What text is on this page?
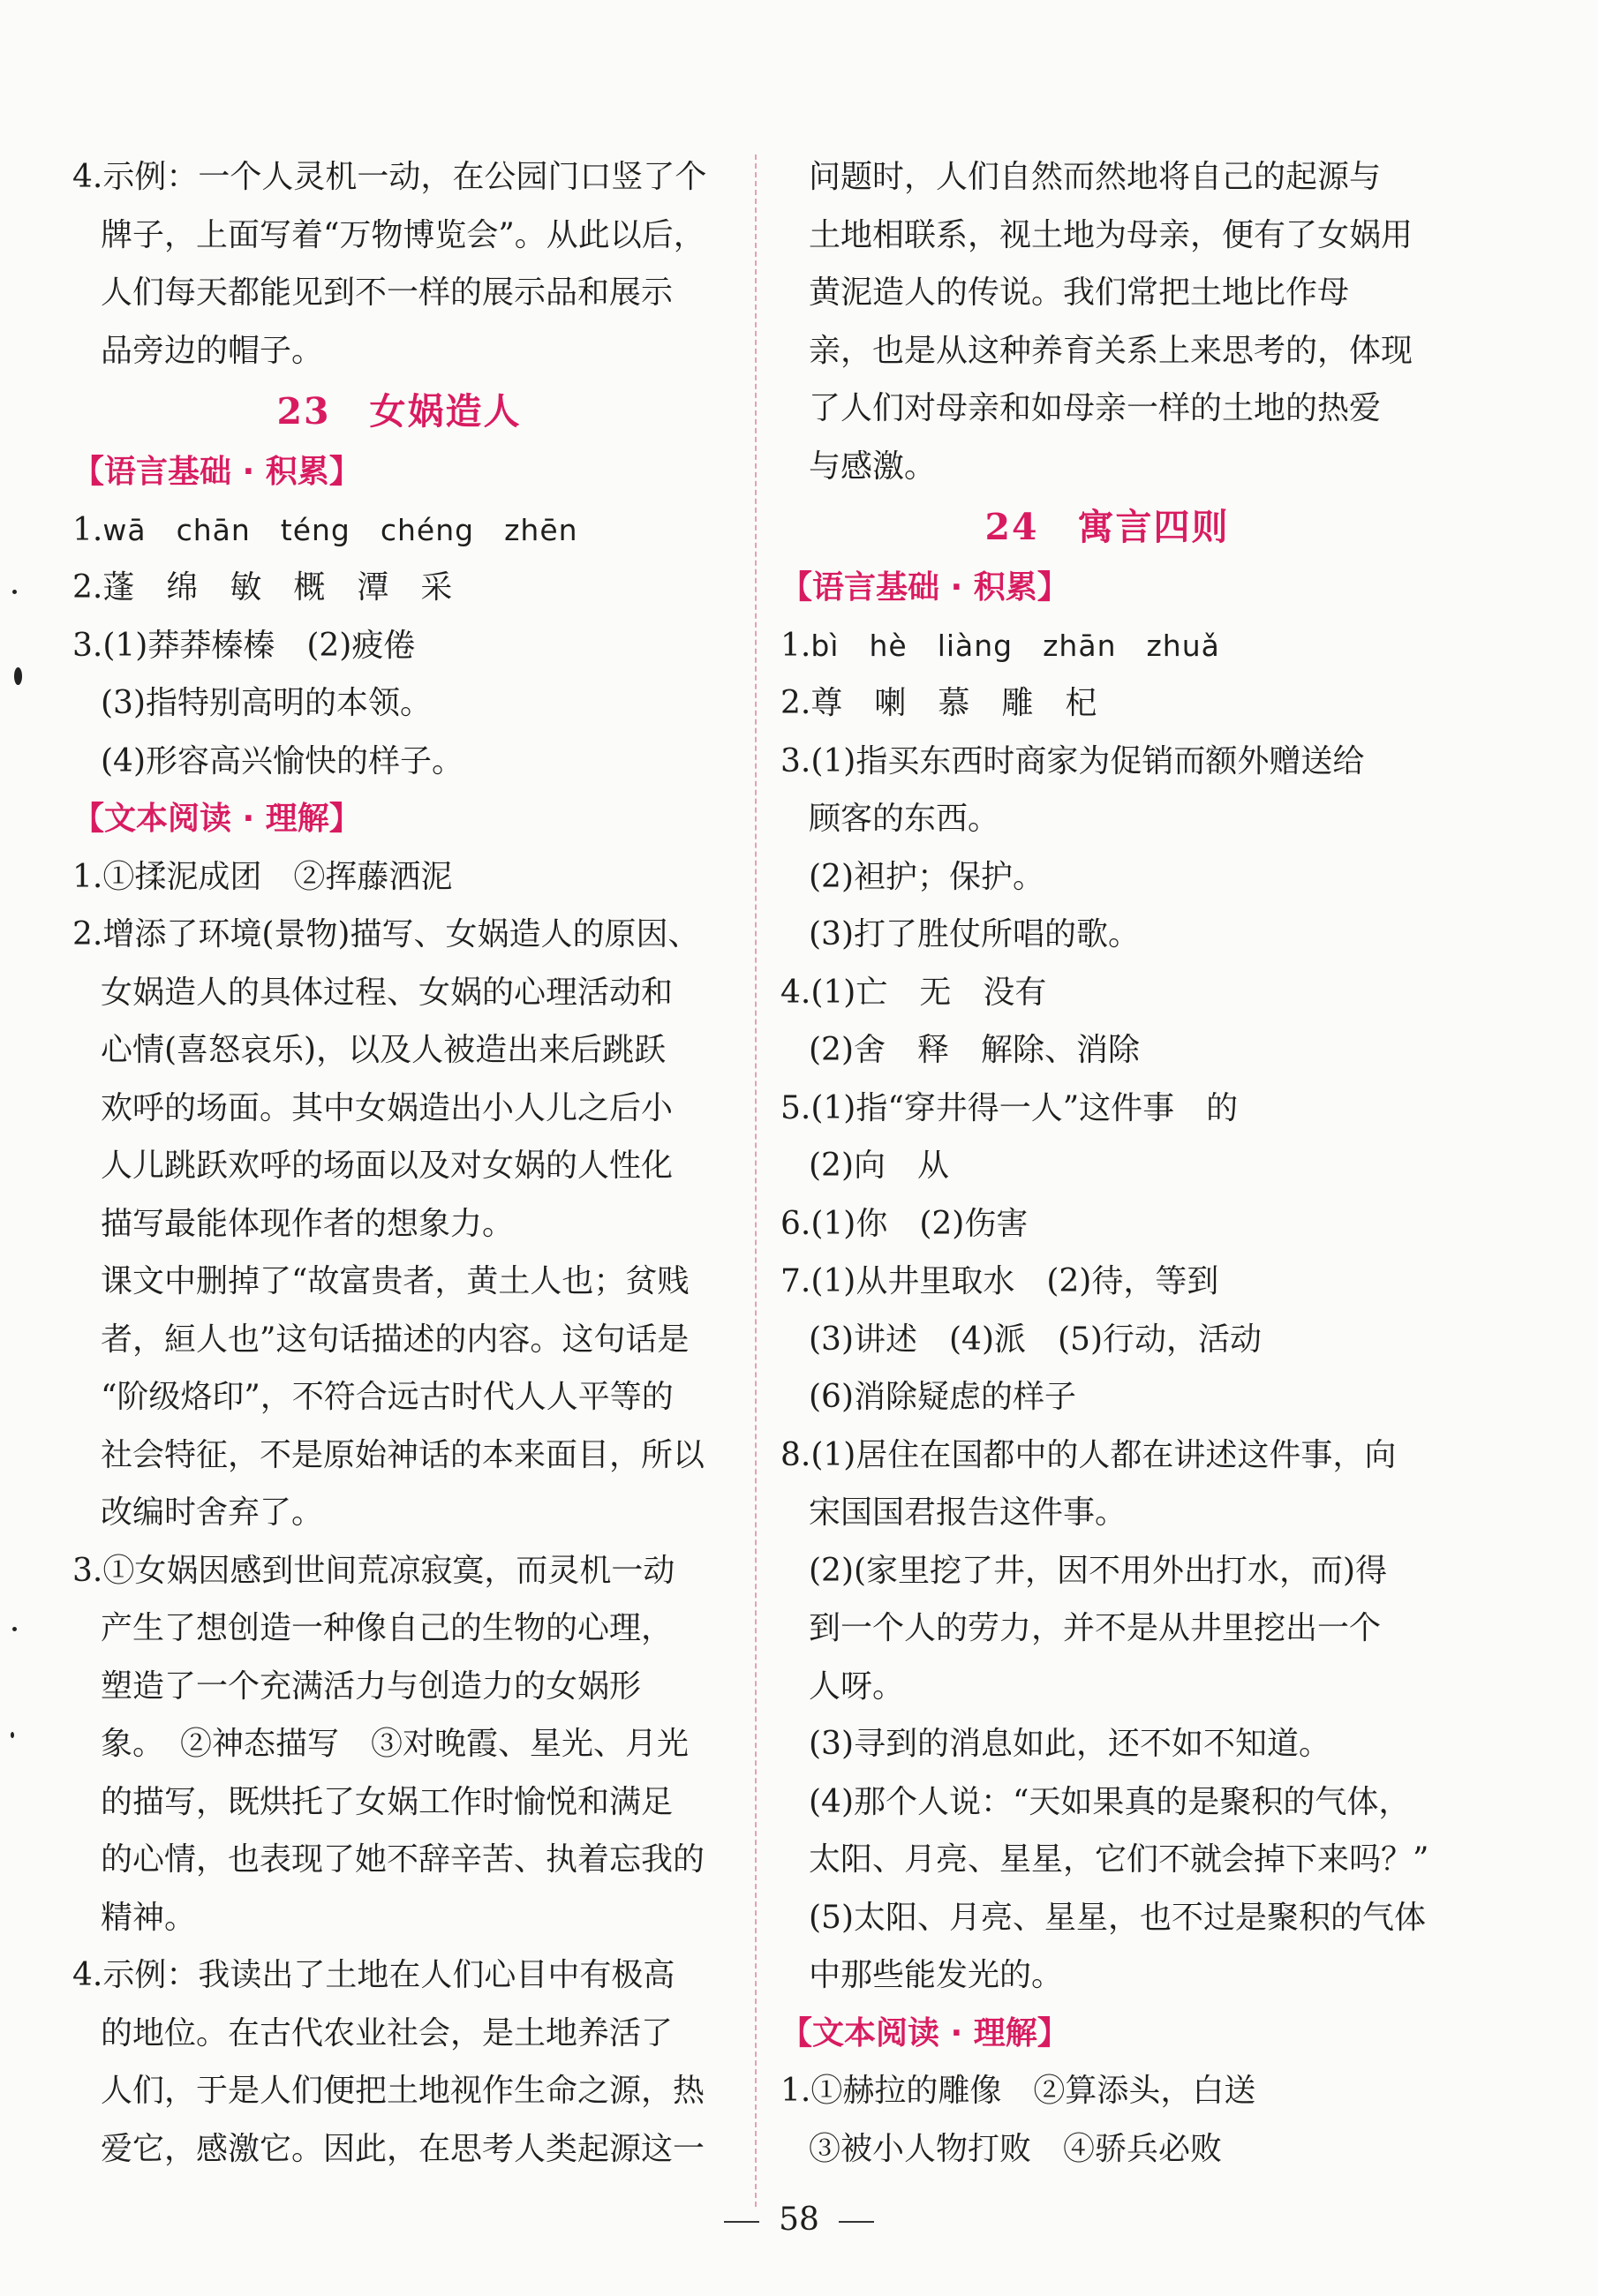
4.示例：一个人灵机一动，在公园门口竖了个
牌子，上面写着“万物博览会”。从此以后，
人们每天都能见到不一样的展示品和展示
品旁边的帽子。
23 女娲造人
【语言基础 · 积累】
1.wā　chān　téng　chéng　zhēn
2.蓬　绵　敏　概　潭　采
3.(1)莽莽榛榛　(2)疲倦
(3)指特别高明的本领。
(4)形容高兴愉快的样子。
【文本阅读 · 理解】
1.①揉泥成团　②挥藤洒泥
2.增添了环境(景物)描写、女娲造人的原因、
女娲造人的具体过程、女娲的心理活动和
心情(喜怒哀乐)，以及人被造出来后跳跃
欢呼的场面。其中女娲造出小人儿之后小
人儿跳跃欢呼的场面以及对女娲的人性化
描写最能体现作者的想象力。
课文中删掉了“故富贵者，黄土人也；贫贱
者，絙人也”这句话描述的内容。这句话是
“阶级烙印”，不符合远古时代人人平等的
社会特征，不是原始神话的本来面目，所以
改编时舍弃了。
3.①女娲因感到世间荒凉寂寞，而灵机一动
产生了想创造一种像自己的生物的心理，
塑造了一个充满活力与创造力的女娲形
象。　②神态描写　③对晚霞、星光、月光
的描写，既烘托了女娲工作时愉悦和满足
的心情，也表现了她不辞辛苦、执着忘我的
精神。
4.示例：我读出了土地在人们心目中有极高
的地位。在古代农业社会，是土地养活了
人们，于是人们便把土地视作生命之源，热
爱它，感激它。因此，在思考人类起源这一
问题时，人们自然而然地将自己的起源与
土地相联系，视土地为母亲，便有了女娲用
黄泥造人的传说。我们常把土地比作母
亲，也是从这种养育关系上来思考的，体现
了人们对母亲和如母亲一样的土地的热爱
与感激。
24 寓言四则
【语言基础 · 积累】
1.bì　hè　liàng　zhān　zhuǎ
2.尊　喇　慕　雕　杞
3.(1)指买东西时商家为促销而额外赠送给
顾客的东西。
(2)袒护；保护。
(3)打了胜仗所唱的歌。
4.(1)亡　无　没有
(2)舍　释　解除、消除
5.(1)指“穿井得一人”这件事　的
(2)向　从
6.(1)你　(2)伤害
7.(1)从井里取水　(2)待，等到
(3)讲述　(4)派　(5)行动，活动
(6)消除疑虑的样子
8.(1)居住在国都中的人都在讲述这件事，向
宋国国君报告这件事。
(2)(家里挖了井，因不用外出打水，而)得
到一个人的劳力，并不是从井里挖出一个
人呀。
(3)寻到的消息如此，还不如不知道。
(4)那个人说：“天如果真的是聚积的气体，
太阳、月亮、星星，它们不就会掉下来吗？”
(5)太阳、月亮、星星，也不过是聚积的气体
中那些能发光的。
【文本阅读 · 理解】
1.①赫拉的雕像　②算添头，白送
③被小人物打败　④骄兵必败
58
